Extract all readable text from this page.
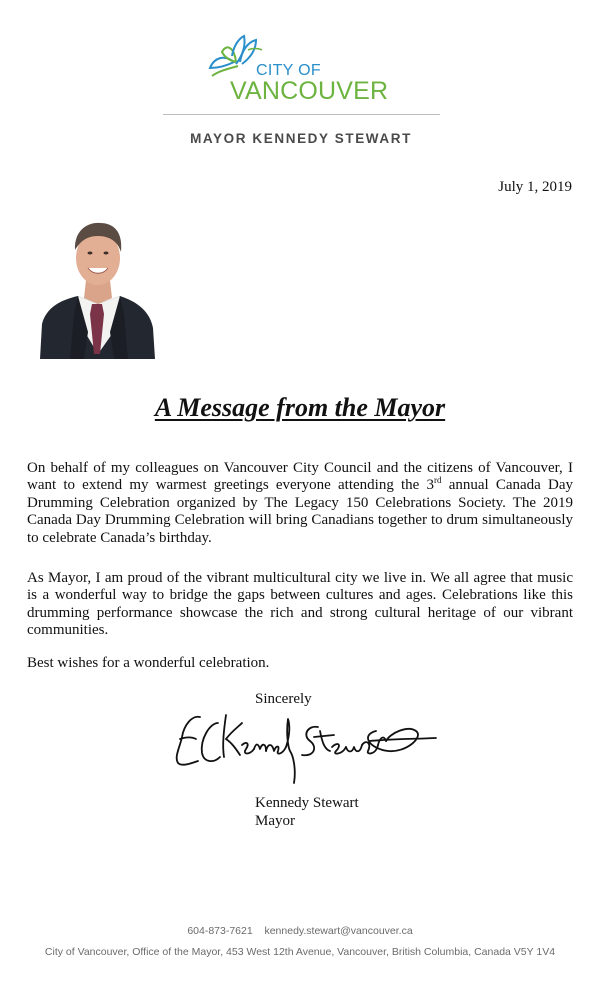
CITY OF
VANCOUVER
MAYOR KENNEDY STEWART
July 1, 2019
A Message from the Mayor
On behalf of my colleagues on Vancouver City Council and the citizens of Vancouver, I want to extend my warmest greetings everyone attending the 3rd annual Canada Day Drumming Celebration organized by The Legacy 150 Celebrations Society. The 2019 Canada Day Drumming Celebration will bring Canadians together to drum simultaneously to celebrate Canada’s birthday.
As Mayor, I am proud of the vibrant multicultural city we live in. We all agree that music is a wonderful way to bridge the gaps between cultures and ages. Celebrations like this drumming performance showcase the rich and strong cultural heritage of our vibrant communities.
Best wishes for a wonderful celebration.
Sincerely
Kennedy Stewart
Mayor
604-873-7621 kennedy.stewart@vancouver.ca
City of Vancouver, Office of the Mayor, 453 West 12th Avenue, Vancouver, British Columbia, Canada V5Y 1V4
